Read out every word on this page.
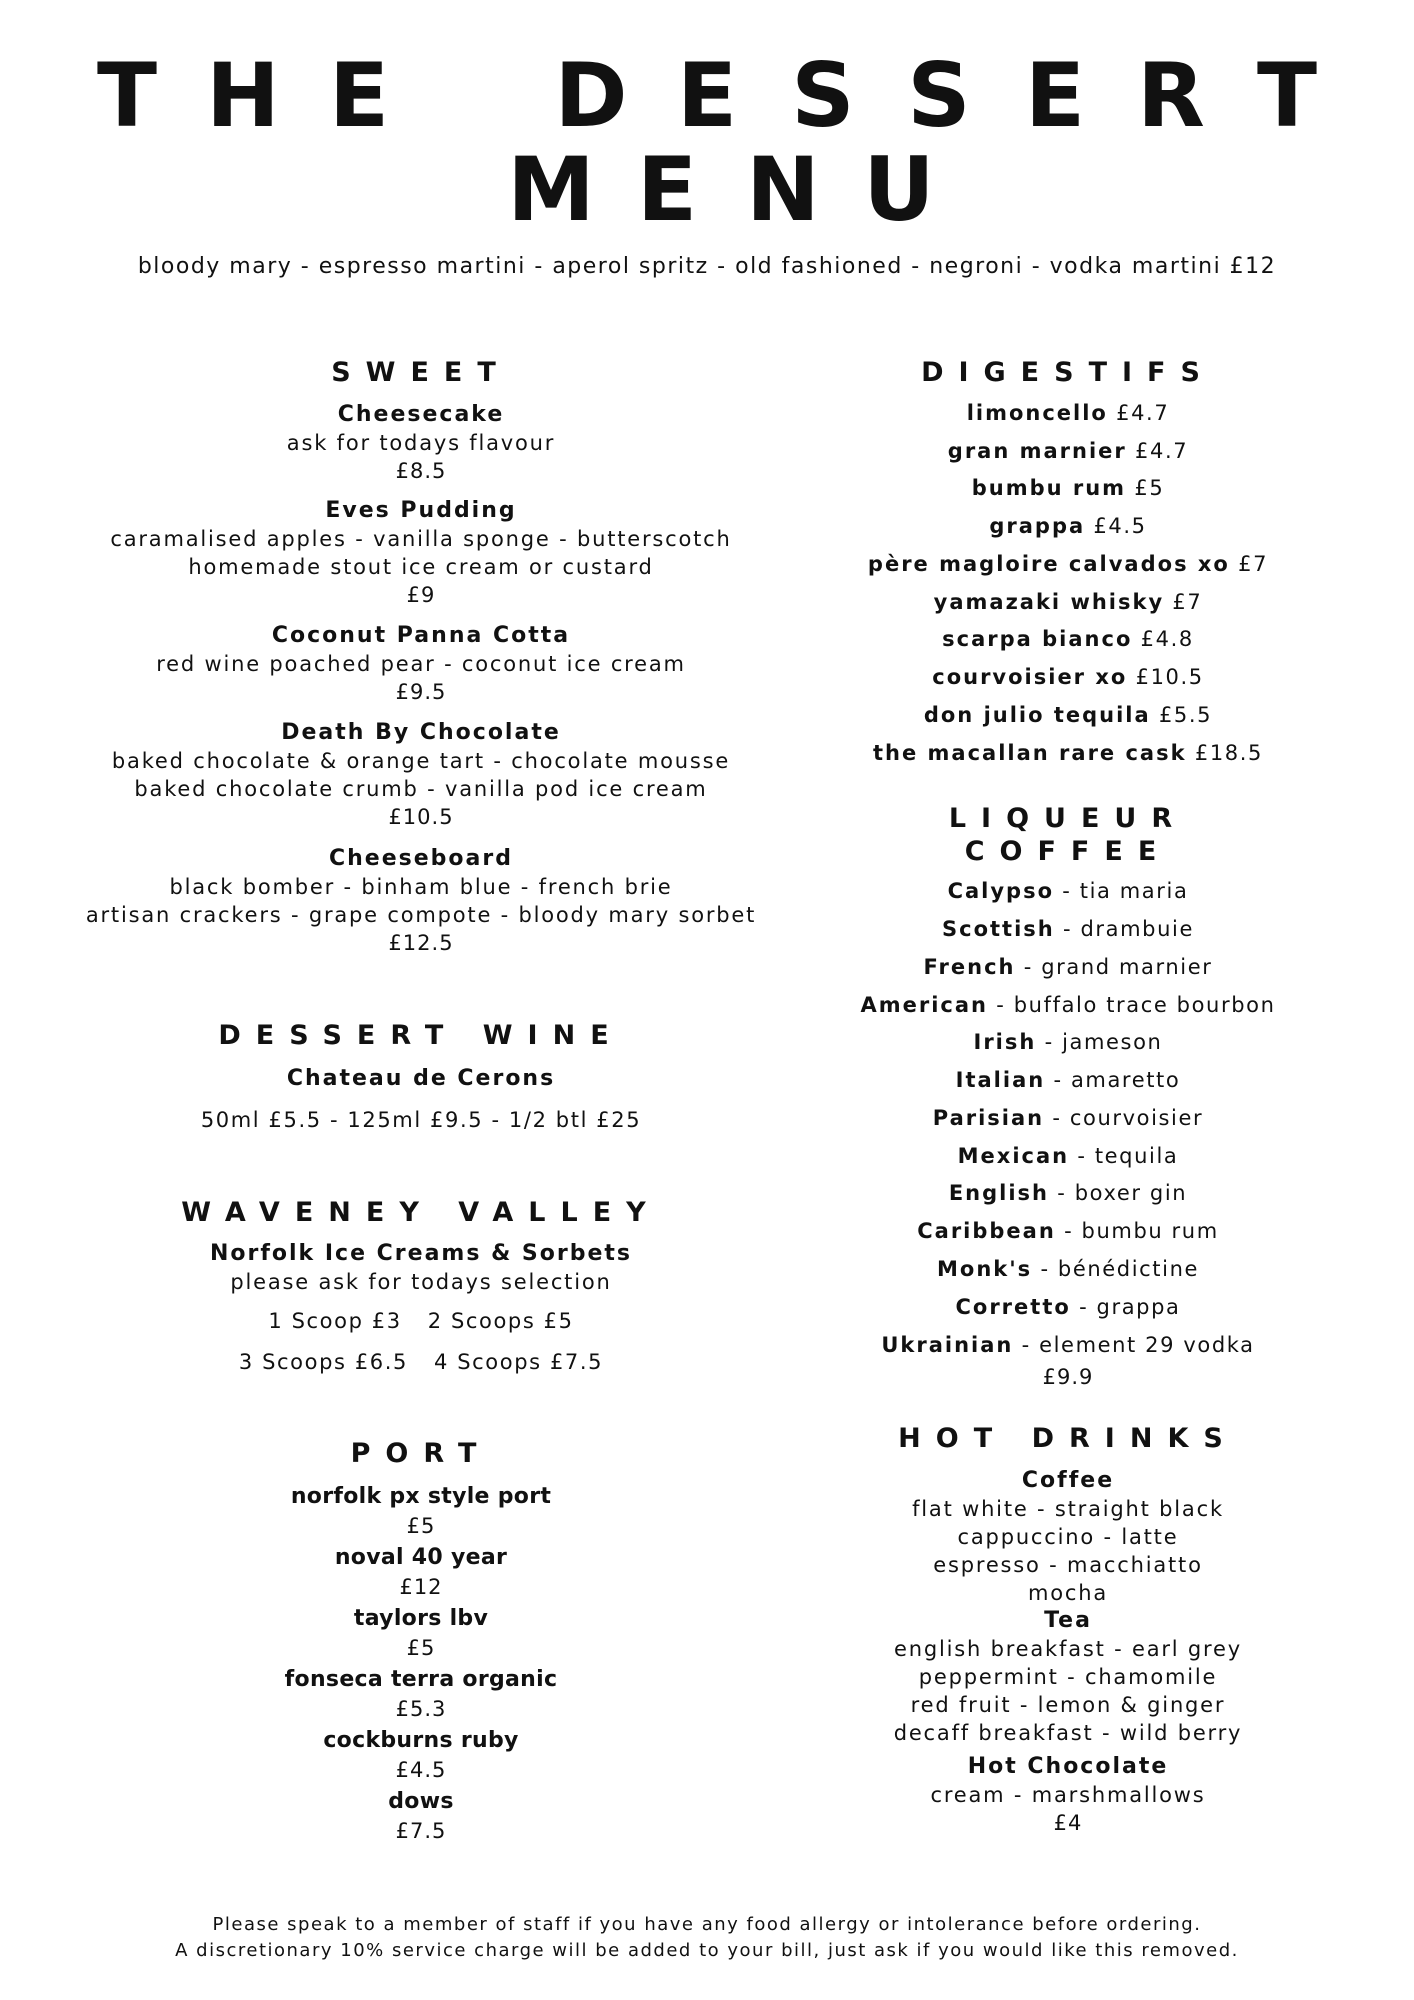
T H E D E S S E R T
M E N U
bloody mary - espresso martini - aperol spritz - old fashioned - negroni - vodka martini £12
SWEET
Cheesecake
ask for todays flavour
£8.5
Eves Pudding
caramalised apples - vanilla sponge - butterscotch
homemade stout ice cream or custard
£9
Coconut Panna Cotta
red wine poached pear - coconut ice cream
£9.5
Death By Chocolate
baked chocolate & orange tart - chocolate mousse
baked chocolate crumb - vanilla pod ice cream
£10.5
Cheeseboard
black bomber - binham blue - french brie
artisan crackers - grape compote - bloody mary sorbet
£12.5
DESSERT WINE
Chateau de Cerons
50ml £5.5 - 125ml £9.5 - 1/2 btl £25
WAVENEY VALLEY
Norfolk Ice Creams & Sorbets
please ask for todays selection
1 Scoop £3 2 Scoops £5
3 Scoops £6.5 4 Scoops £7.5
PORT
norfolk px style port
£5
noval 40 year
£12
taylors lbv
£5
fonseca terra organic
£5.3
cockburns ruby
£4.5
dows
£7.5
DIGESTIFS
limoncello £4.7
gran marnier £4.7
bumbu rum £5
grappa £4.5
père magloire calvados xo £7
yamazaki whisky £7
scarpa bianco £4.8
courvoisier xo £10.5
don julio tequila £5.5
the macallan rare cask £18.5
LIQUEUR
COFFEE
Calypso - tia maria
Scottish - drambuie
French - grand marnier
American - buffalo trace bourbon
Irish - jameson
Italian - amaretto
Parisian - courvoisier
Mexican - tequila
English - boxer gin
Caribbean - bumbu rum
Monk's - bénédictine
Corretto - grappa
Ukrainian - element 29 vodka
£9.9
HOT DRINKS
Coffee
flat white - straight black
cappuccino - latte
espresso - macchiatto
mocha
Tea
english breakfast - earl grey
peppermint - chamomile
red fruit - lemon & ginger
decaff breakfast - wild berry
Hot Chocolate
cream - marshmallows
£4
Please speak to a member of staff if you have any food allergy or intolerance before ordering.
A discretionary 10% service charge will be added to your bill, just ask if you would like this removed.
